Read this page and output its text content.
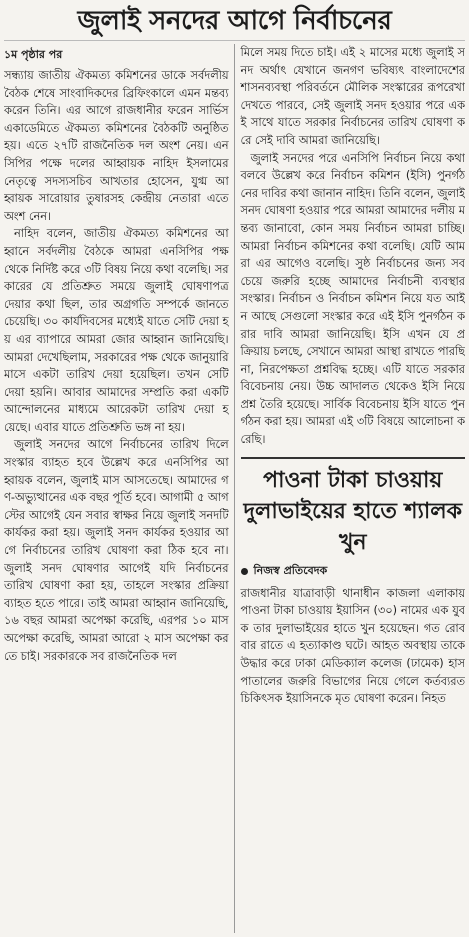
জুলাই সনদের আগে নির্বাচনের
১ম পৃষ্ঠার পর

সন্ধ্যায় জাতীয় ঐকমত্য কমিশনের ডাকে সর্বদলীয় বৈঠক শেষে সাংবাদিকদের ব্রিফিংকালে এমন মন্তব্য করেন তিনি। এর আগে রাজধানীর ফরেন সার্ভিস একাডেমিতে ঐকমত্য কমিশনের বৈঠকটি অনুষ্ঠিত হয়। এতে ২৭টি রাজনৈতিক দল অংশ নেয়। এনসিপির পক্ষে দলের আহ্বায়ক নাহিদ ইসলামের নেতৃত্বে সদস্যসচিব আখতার হোসেন, যুগ্ম আহ্বায়ক সারোয়ার তুষারসহ কেন্দ্রীয় নেতারা এতে অংশ নেন।

নাহিদ বলেন, জাতীয় ঐকমত্য কমিশনের আহ্বানে সর্বদলীয় বৈঠকে আমরা এনসিপির পক্ষ থেকে নির্দিষ্ট করে ৩টি বিষয় নিয়ে কথা বলেছি। সরকারের যে প্রতিশ্রুত সময়ে জুলাই ঘোষণাপত্র দেয়ার কথা ছিল, তার অগ্রগতি সম্পর্কে জানতে চেয়েছি। ৩০ কার্যদিবসের মধ্যেই যাতে সেটি দেয়া হয় এর ব্যাপারে আমরা জোর আহ্বান জানিয়েছি। আমরা দেখেছিলাম, সরকারের পক্ষ থেকে জানুয়ারি মাসে একটা তারিখ দেয়া হয়েছিল। তখন সেটি দেয়া হয়নি। আবার আমাদের সম্প্রতি করা একটি আন্দোলনের মাধ্যমে আরেকটা তারিখ দেয়া হয়েছে। এবার যাতে প্রতিশ্রুতি ভঙ্গ না হয়।

জুলাই সনদের আগে নির্বাচনের তারিখ দিলে সংস্কার ব্যাহত হবে উল্লেখ করে এনসিপির আহ্বায়ক বলেন, জুলাই মাস আসতেছে। আমাদের গণ-অভ্যুত্থানের এক বছর পূর্তি হবে। আগামী ৫ আগস্টের আগেই যেন সবার স্বাক্ষর নিয়ে জুলাই সনদটি কার্যকর করা হয়। জুলাই সনদ কার্যকর হওয়ার আগে নির্বাচনের তারিখ ঘোষণা করা ঠিক হবে না। জুলাই সনদ ঘোষণার আগেই যদি নির্বাচনের তারিখ ঘোষণা করা হয়, তাহলে সংস্কার প্রক্রিয়া ব্যাহত হতে পারে। তাই আমরা আহ্বান জানিয়েছি, ১৬ বছর আমরা অপেক্ষা করেছি, এরপর ১০ মাস অপেক্ষা করেছি, আমরা আরো ২ মাস অপেক্ষা করতে চাই। সরকারকে সব রাজনৈতিক দল

মিলে সময় দিতে চাই। এই ২ মাসের মধ্যে জুলাই সনদ অর্থাৎ যেখানে জনগণ ভবিষ্যৎ বাংলাদেশের শাসনব্যবস্থা পরিবর্তনে মৌলিক সংস্কারের রূপরেখা দেখতে পারবে, সেই জুলাই সনদ হওয়ার পরে একই সাথে যাতে সরকার নির্বাচনের তারিখ ঘোষণা করে সেই দাবি আমরা জানিয়েছি।

জুলাই সনদের পরে এনসিপি নির্বাচন নিয়ে কথা বলবে উল্লেখ করে নির্বাচন কমিশন (ইসি) পুনর্গঠনের দাবির কথা জানান নাহিদ। তিনি বলেন, জুলাই সনদ ঘোষণা হওয়ার পরে আমরা আমাদের দলীয় মন্তব্য জানাবো, কোন সময় নির্বাচন আমরা চাচ্ছি। আমরা নির্বাচন কমিশনের কথা বলেছি। যেটি আমরা এর আগেও বলেছি। সুষ্ঠ নির্বাচনের জন্য সবচেয়ে জরুরি হচ্ছে আমাদের নির্বাচনী ব্যবস্থার সংস্কার। নির্বাচন ও নির্বাচন কমিশন নিয়ে যত আইন আছে সেগুলো সংস্কার করে এই ইসি পুনর্গঠন করার দাবি আমরা জানিয়েছি। ইসি এখন যে প্রক্রিয়ায় চলছে, সেখানে আমরা আস্থা রাখতে পারছি না, নিরপেক্ষতা প্রশ্নবিদ্ধ হচ্ছে। এটি যাতে সরকার বিবেচনায় নেয়। উচ্চ আদালত থেকেও ইসি নিয়ে প্রশ্ন তৈরি হয়েছে। সার্বিক বিবেচনায় ইসি যাতে পুনর্গঠন করা হয়। আমরা এই ৩টি বিষয়ে আলোচনা করেছি।

পাওনা টাকা চাওয়ায় দুলাভাইয়ের হাতে শ্যালক খুন
নিজস্ব প্রতিবেদক

রাজধানীর যাত্রাবাড়ী থানাধীন কাজলা এলাকায় পাওনা টাকা চাওয়ায় ইয়াসিন (৩০) নামের এক যুবক তার দুলাভাইয়ের হাতে খুন হয়েছেন। গত রোববার রাতে এ হত্যাকাণ্ড ঘটে। আহত অবস্থায় তাকে উদ্ধার করে ঢাকা মেডিক্যাল কলেজ (ঢামেক) হাসপাতালের জরুরি বিভাগের নিয়ে গেলে কর্তব্যরত চিকিৎসক ইয়াসিনকে মৃত ঘোষণা করেন। নিহত
